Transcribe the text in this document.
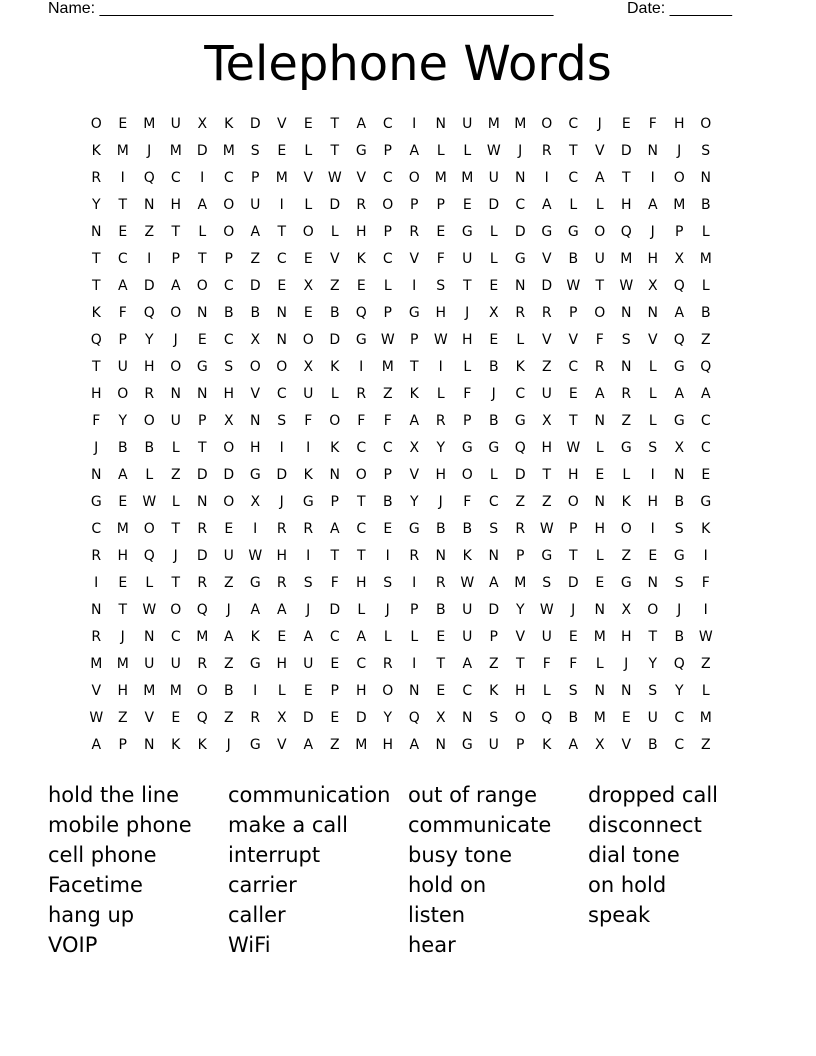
Name: ___________________________________________________	Date: _______
Telephone Words
O	E	M	U	X	K	D	V	E	T	A	C	I	N	U	M	M	O	C	J	E	F	H	O
K	M	J	M	D	M	S	E	L	T	G	P	A	L	L	W	J	R	T	V	D	N	J	S
R	I	Q	C	I	C	P	M	V	W	V	C	O	M	M	U	N	I	C	A	T	I	O	N
Y	T	N	H	A	O	U	I	L	D	R	O	P	P	E	D	C	A	L	L	H	A	M	B
N	E	Z	T	L	O	A	T	O	L	H	P	R	E	G	L	D	G	G	O	Q	J	P	L
T	C	I	P	T	P	Z	C	E	V	K	C	V	F	U	L	G	V	B	U	M	H	X	M
T	A	D	A	O	C	D	E	X	Z	E	L	I	S	T	E	N	D	W	T	W	X	Q	L
K	F	Q	O	N	B	B	N	E	B	Q	P	G	H	J	X	R	R	P	O	N	N	A	B
Q	P	Y	J	E	C	X	N	O	D	G	W	P	W	H	E	L	V	V	F	S	V	Q	Z
T	U	H	O	G	S	O	O	X	K	I	M	T	I	L	B	K	Z	C	R	N	L	G	Q
H	O	R	N	N	H	V	C	U	L	R	Z	K	L	F	J	C	U	E	A	R	L	A	A
F	Y	O	U	P	X	N	S	F	O	F	F	A	R	P	B	G	X	T	N	Z	L	G	C
J	B	B	L	T	O	H	I	I	K	C	C	X	Y	G	G	Q	H	W	L	G	S	X	C
N	A	L	Z	D	D	G	D	K	N	O	P	V	H	O	L	D	T	H	E	L	I	N	E
G	E	W	L	N	O	X	J	G	P	T	B	Y	J	F	C	Z	Z	O	N	K	H	B	G
C	M	O	T	R	E	I	R	R	A	C	E	G	B	B	S	R	W	P	H	O	I	S	K
R	H	Q	J	D	U	W	H	I	T	T	I	R	N	K	N	P	G	T	L	Z	E	G	I
I	E	L	T	R	Z	G	R	S	F	H	S	I	R	W	A	M	S	D	E	G	N	S	F
N	T	W	O	Q	J	A	A	J	D	L	J	P	B	U	D	Y	W	J	N	X	O	J	I
R	J	N	C	M	A	K	E	A	C	A	L	L	E	U	P	V	U	E	M	H	T	B	W
M	M	U	U	R	Z	G	H	U	E	C	R	I	T	A	Z	T	F	F	L	J	Y	Q	Z
V	H	M	M	O	B	I	L	E	P	H	O	N	E	C	K	H	L	S	N	N	S	Y	L
W	Z	V	E	Q	Z	R	X	D	E	D	Y	Q	X	N	S	O	Q	B	M	E	U	C	M
A	P	N	K	K	J	G	V	A	Z	M	H	A	N	G	U	P	K	A	X	V	B	C	Z
hold the line
mobile phone
cell phone
Facetime
hang up
VOIP
communication
make a call
interrupt
carrier
caller
WiFi
out of range
communicate
busy tone
hold on
listen
hear
dropped call
disconnect
dial tone
on hold
speak
